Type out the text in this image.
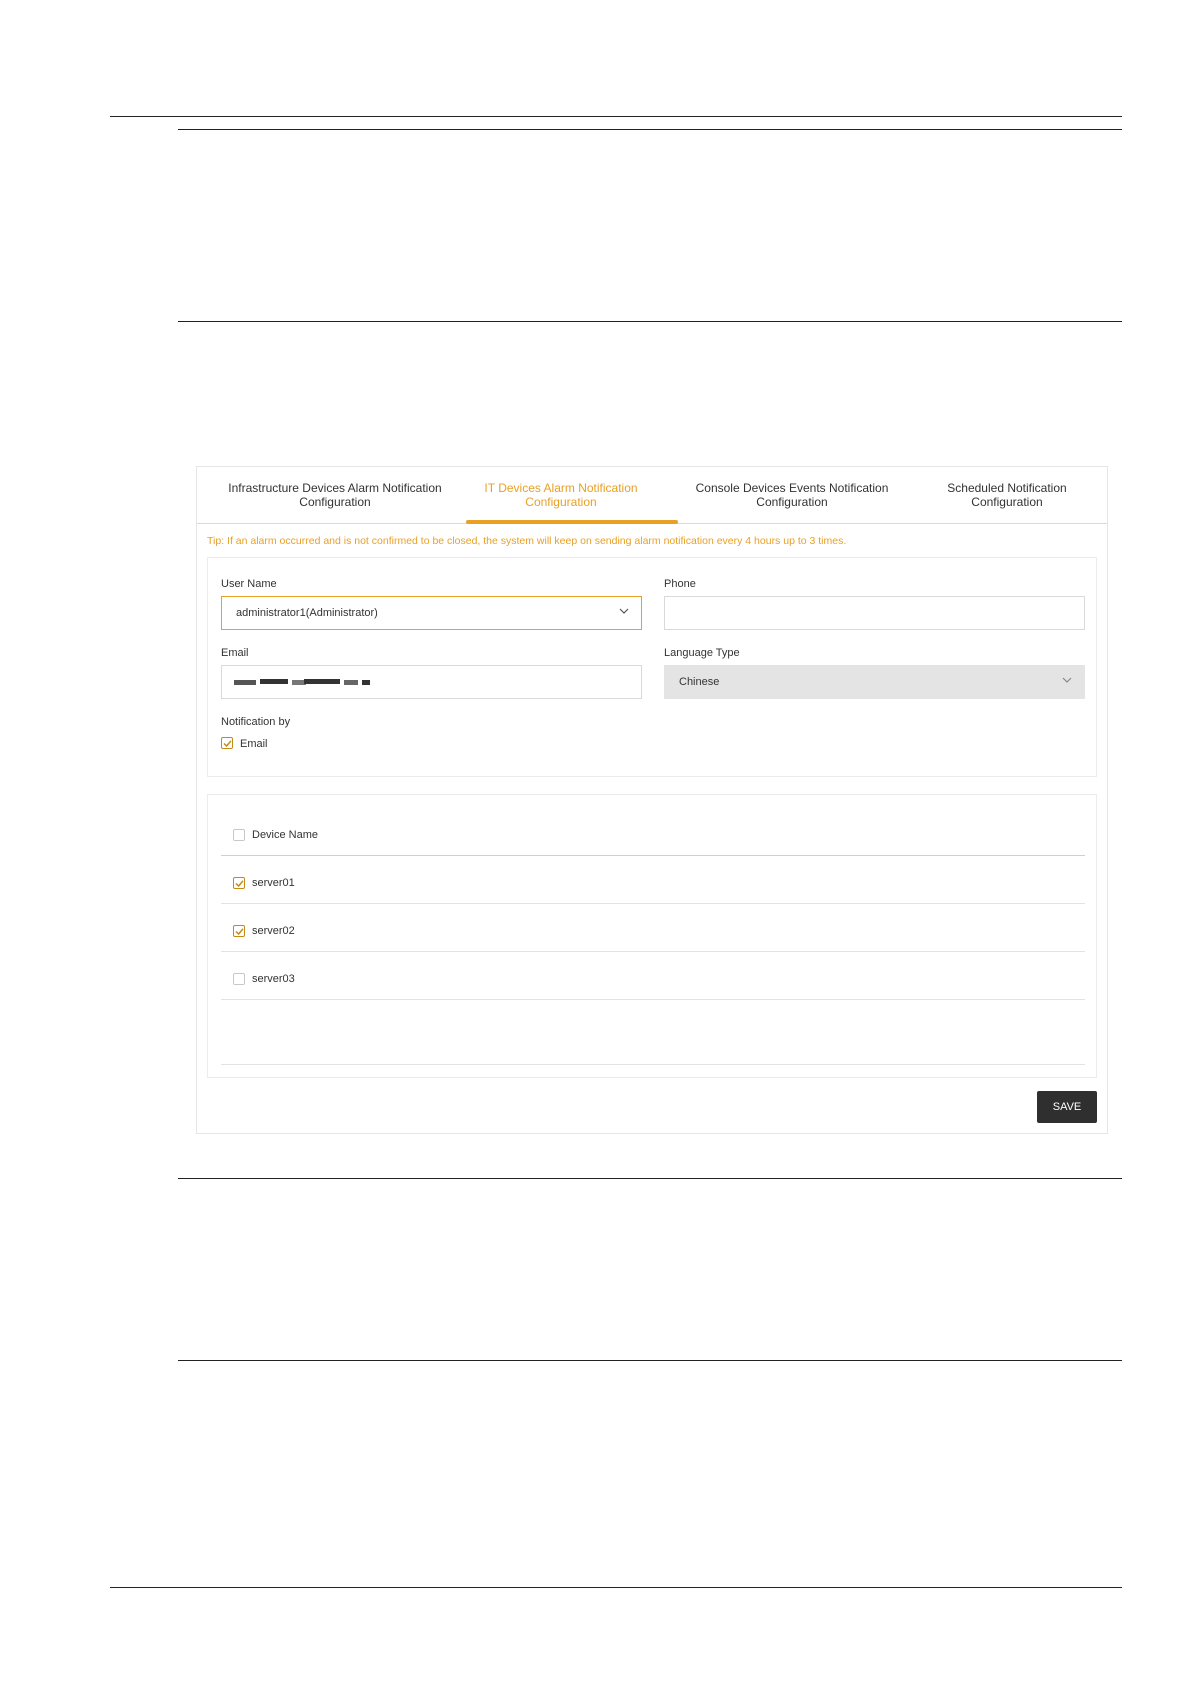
Infrastructure Devices Alarm Notification
Configuration
IT Devices Alarm Notification
Configuration
Console Devices Events Notification
Configuration
Scheduled Notification
Configuration
Tip: If an alarm occurred and is not confirmed to be closed, the system will keep on sending alarm notification every 4 hours up to 3 times.
User Name
administrator1(Administrator)
Phone
Email	Language Type
Chinese
Notification by
Email
Device Name
server01
server02
server03
SAVE
